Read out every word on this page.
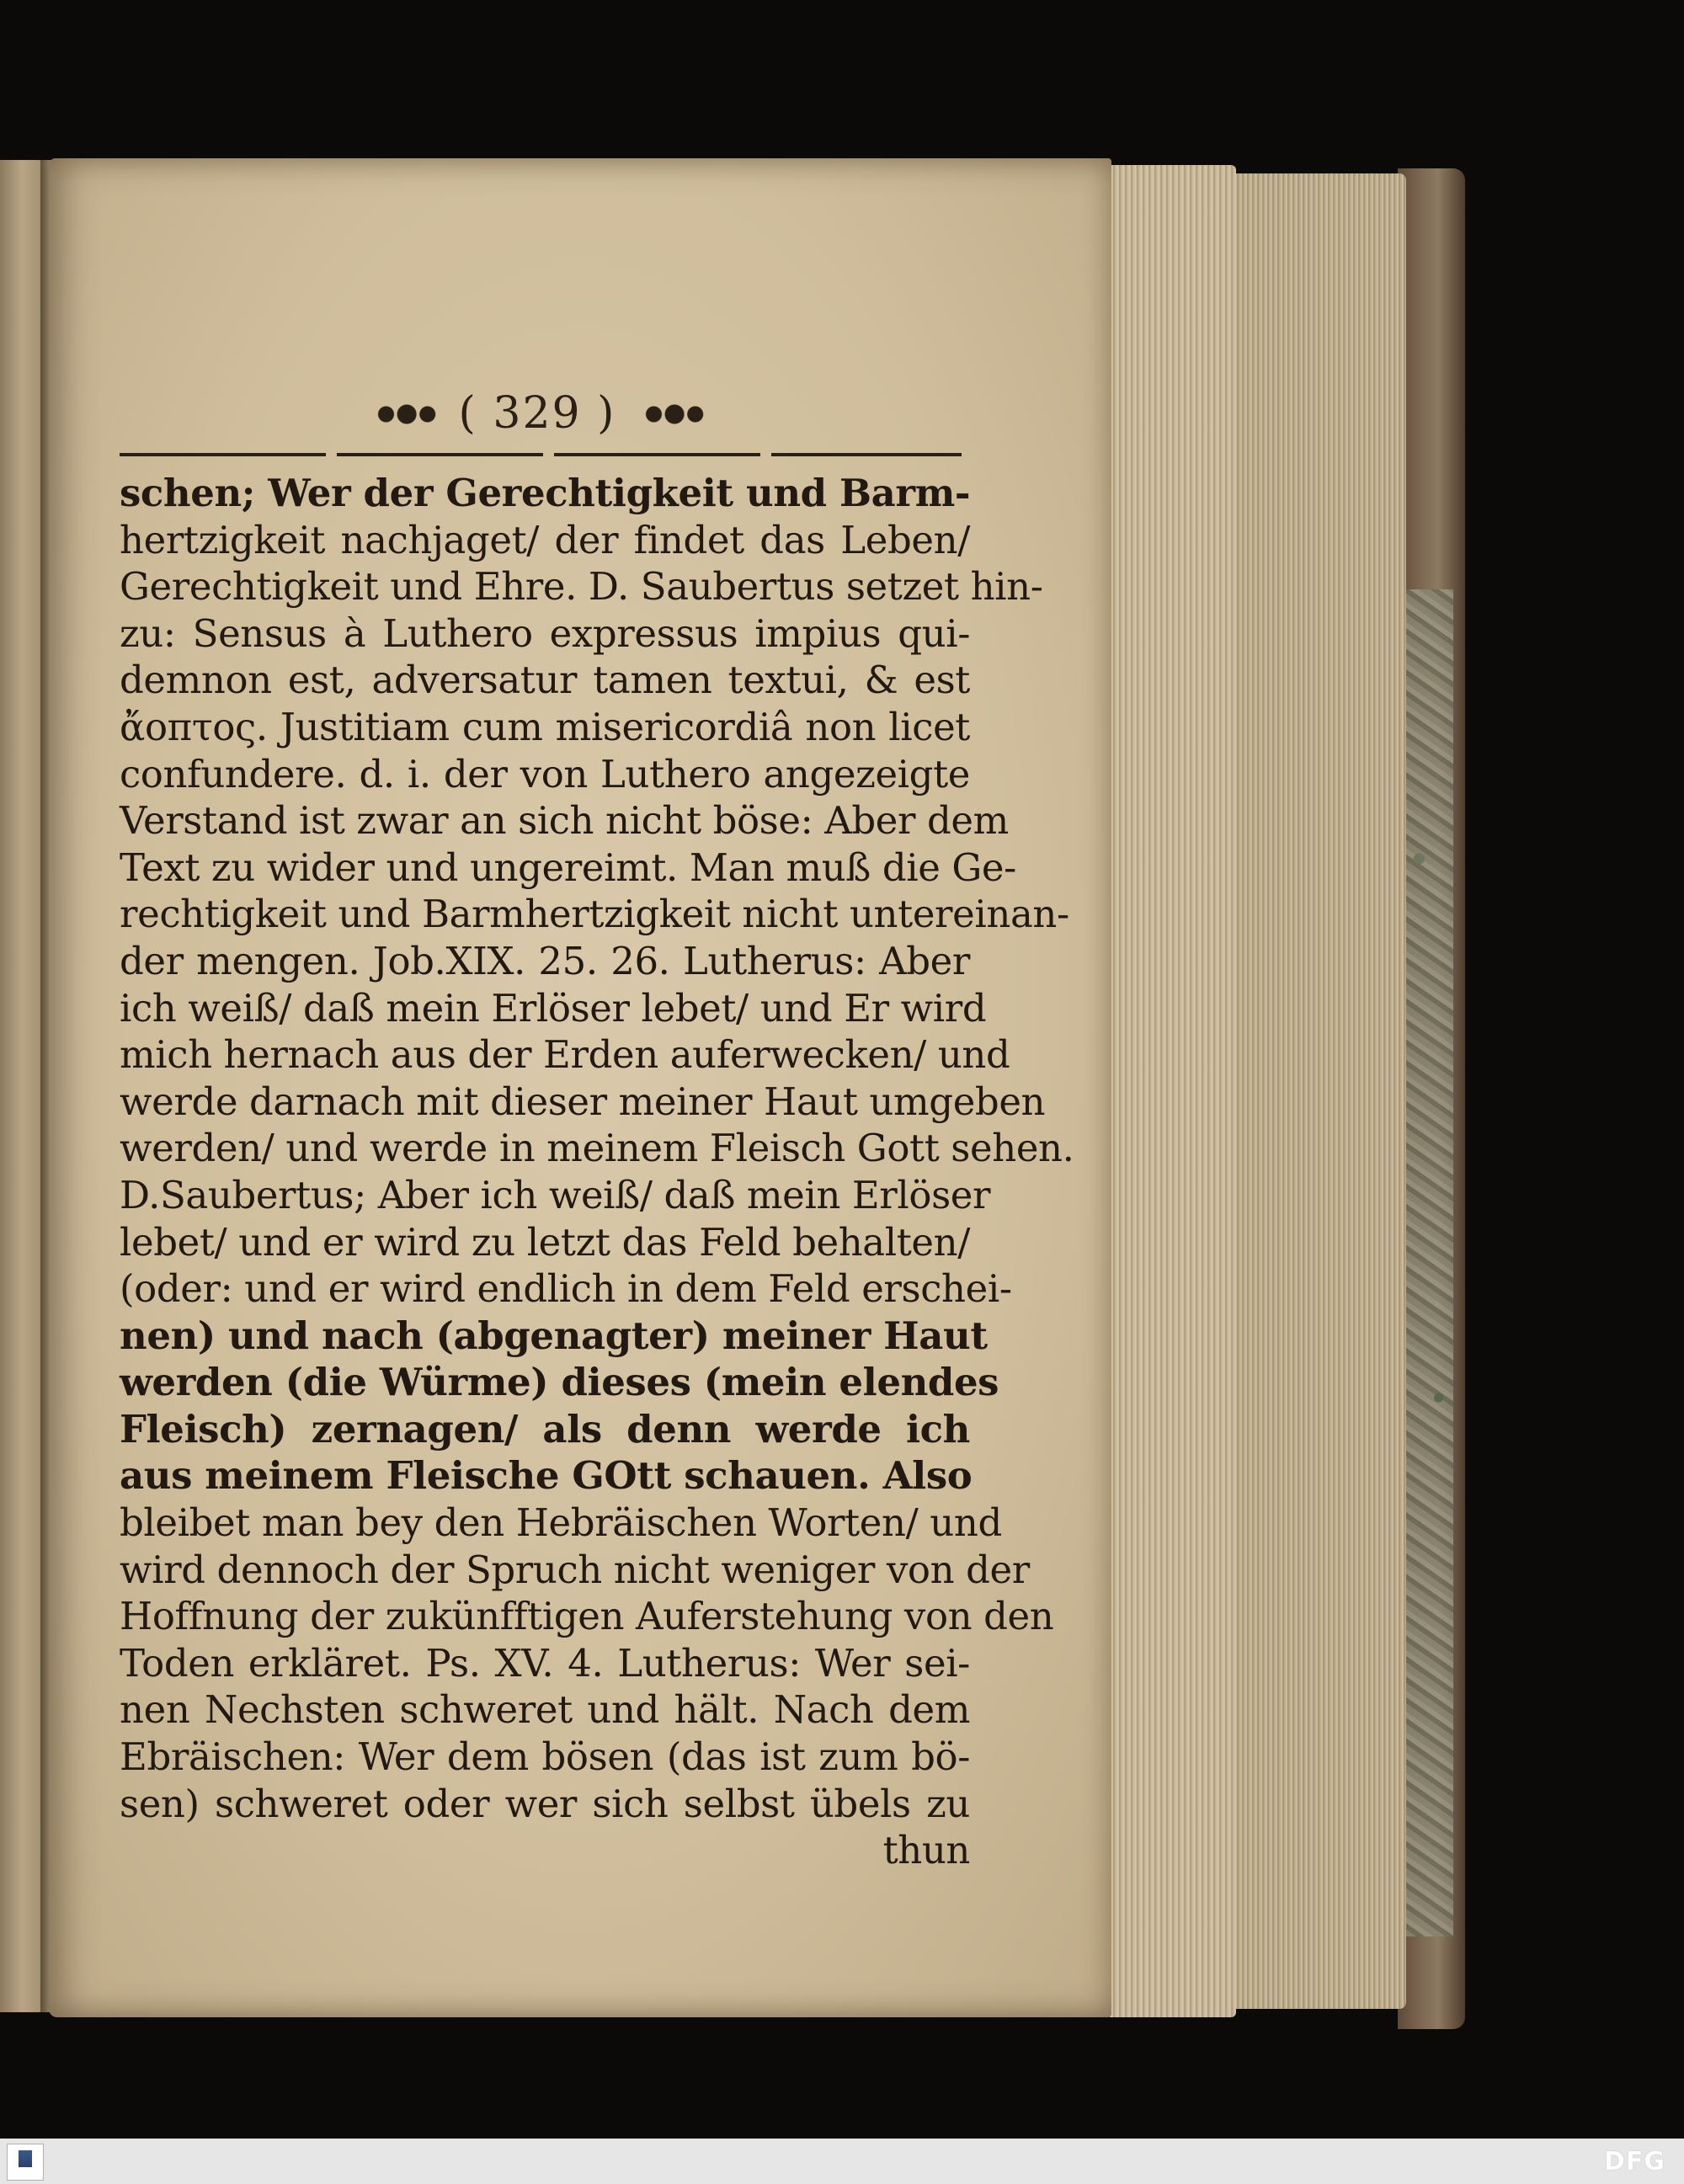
( 329 )
schen; Wer der Gerechtigkeit und Barm-
hertzigkeit nachjaget/ der findet das Leben/
Gerechtigkeit und Ehre. D. Saubertus setzet hin-
zu: Sensus à Luthero expressus impius qui-
demnon est, adversatur tamen textui, & est
ἄοπτος. Justitiam cum misericordiâ non licet
confundere. d. i. der von Luthero angezeigte
Verstand ist zwar an sich nicht böse: Aber dem
Text zu wider und ungereimt. Man muß die Ge-
rechtigkeit und Barmhertzigkeit nicht untereinan-
der mengen. Job.XIX. 25. 26. Lutherus: Aber
ich weiß/ daß mein Erlöser lebet/ und Er wird
mich hernach aus der Erden auferwecken/ und
werde darnach mit dieser meiner Haut umgeben
werden/ und werde in meinem Fleisch Gott sehen.
D.Saubertus; Aber ich weiß/ daß mein Erlöser
lebet/ und er wird zu letzt das Feld behalten/
(oder: und er wird endlich in dem Feld erschei-
nen) und nach (abgenagter) meiner Haut
werden (die Würme) dieses (mein elendes
Fleisch) zernagen/ als denn werde ich
aus meinem Fleische GOtt schauen. Also
bleibet man bey den Hebräischen Worten/ und
wird dennoch der Spruch nicht weniger von der
Hoffnung der zukünfftigen Auferstehung von den
Toden erkläret. Ps. XV. 4. Lutherus: Wer sei-
nen Nechsten schweret und hält. Nach dem
Ebräischen: Wer dem bösen (das ist zum bö-
sen) schweret oder wer sich selbst übels zu
thun
DFG
